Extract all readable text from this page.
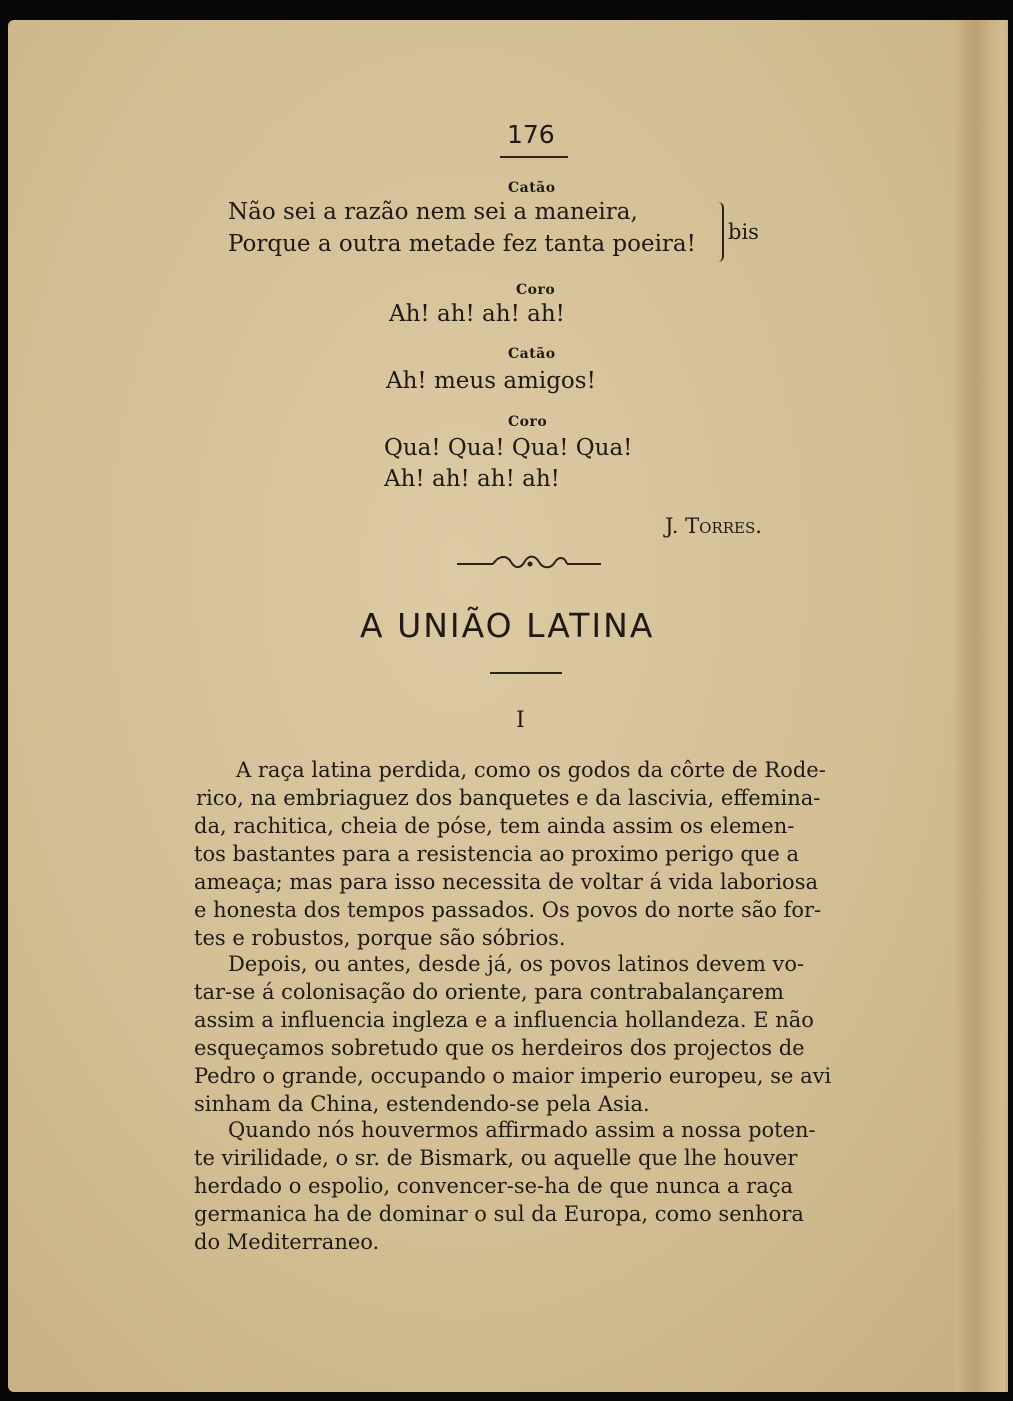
176
Catão
Não sei a razão nem sei a maneira,
Porque a outra metade fez tanta poeira! bis
Coro
Ah! ah! ah! ah!
Catão
Ah! meus amigos!
Coro
Qua! Qua! Qua! Qua!
Ah! ah! ah! ah!
J. Torres.
A UNIÃO LATINA
I
A raça latina perdida, como os godos da côrte de Rode-
rico, na embriaguez dos banquetes e da lascivia, effemina-
da, rachitica, cheia de póse, tem ainda assim os elemen-
tos bastantes para a resistencia ao proximo perigo que a
ameaça; mas para isso necessita de voltar á vida laboriosa
e honesta dos tempos passados. Os povos do norte são for-
tes e robustos, porque são sóbrios.
Depois, ou antes, desde já, os povos latinos devem vo-
tar-se á colonisação do oriente, para contrabalançarem
assim a influencia ingleza e a influencia hollandeza. E não
esqueçamos sobretudo que os herdeiros dos projectos de
Pedro o grande, occupando o maior imperio europeu, se avi
sinham da China, estendendo-se pela Asia.
Quando nós houvermos affirmado assim a nossa poten-
te virilidade, o sr. de Bismark, ou aquelle que lhe houver
herdado o espolio, convencer-se-ha de que nunca a raça
germanica ha de dominar o sul da Europa, como senhora
do Mediterraneo.
